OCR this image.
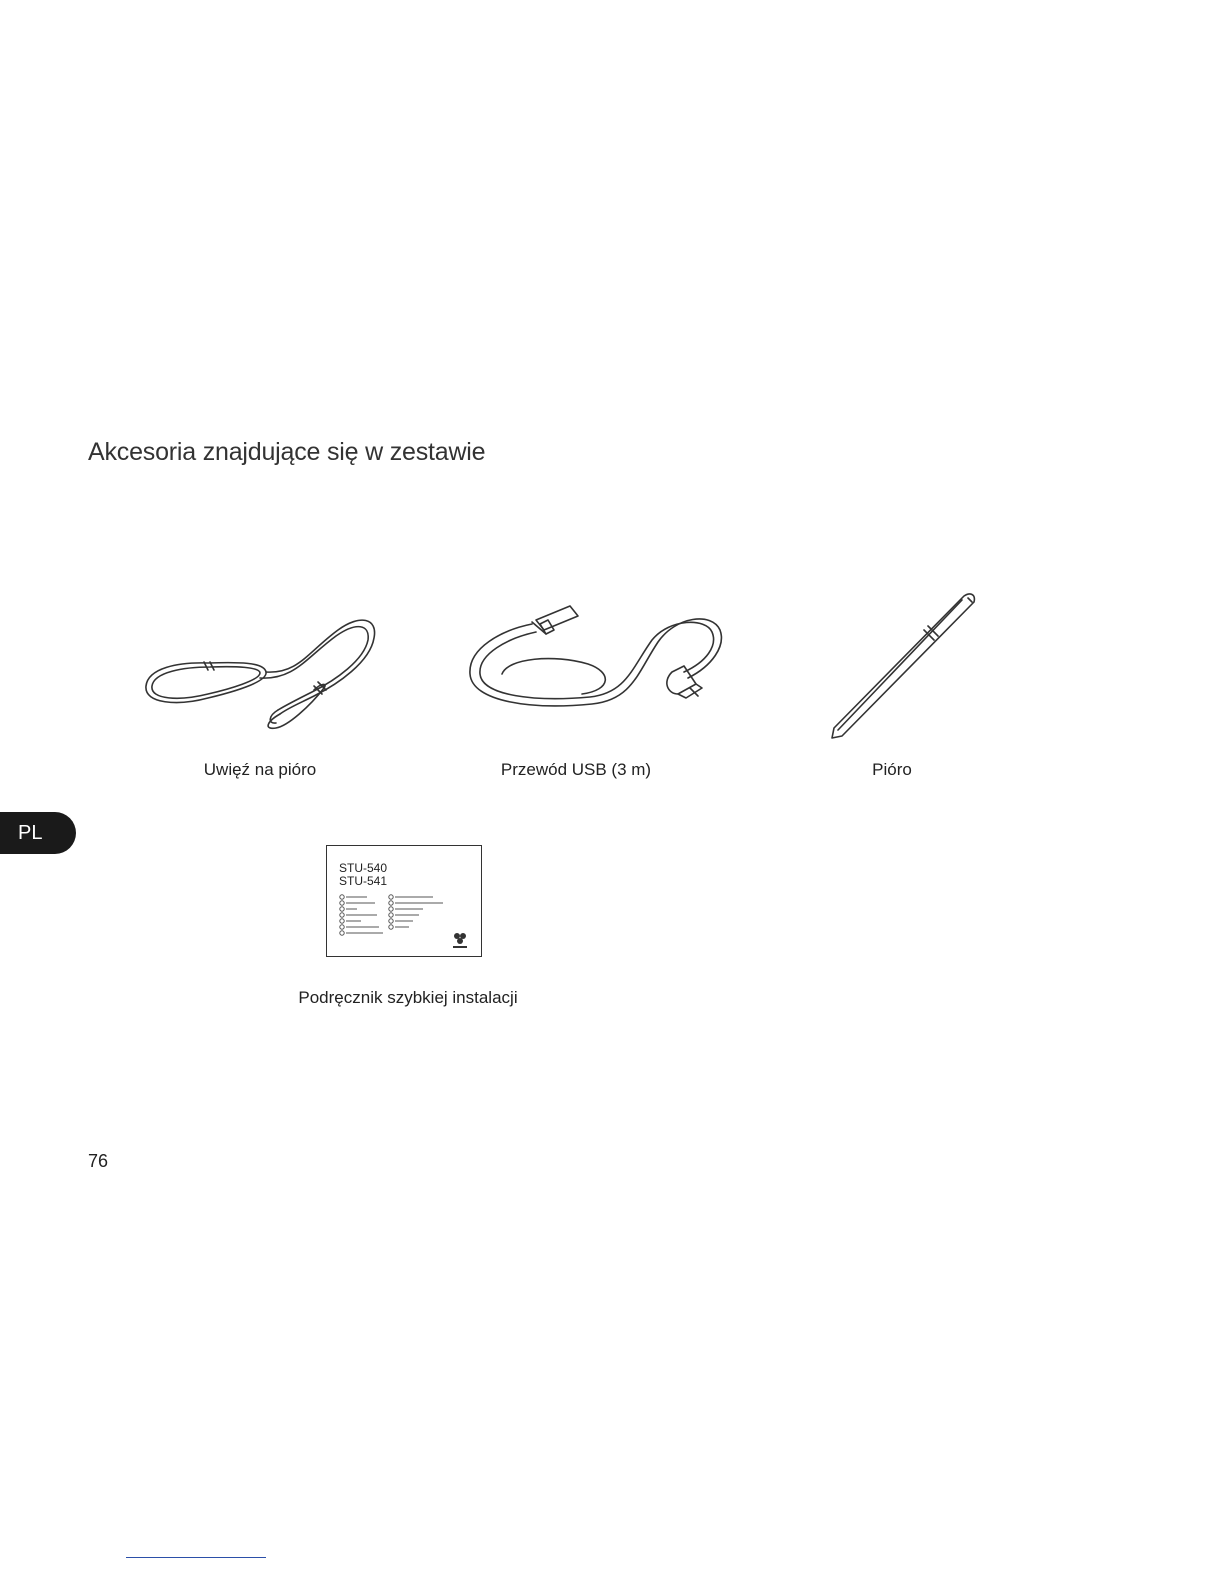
Akcesoria znajdujące się w zestawie
Uwięź na pióro	Przewód USB (3 m)	Pióro
PL
STU-540
STU-541
Podręcznik szybkiej instalacji
76
